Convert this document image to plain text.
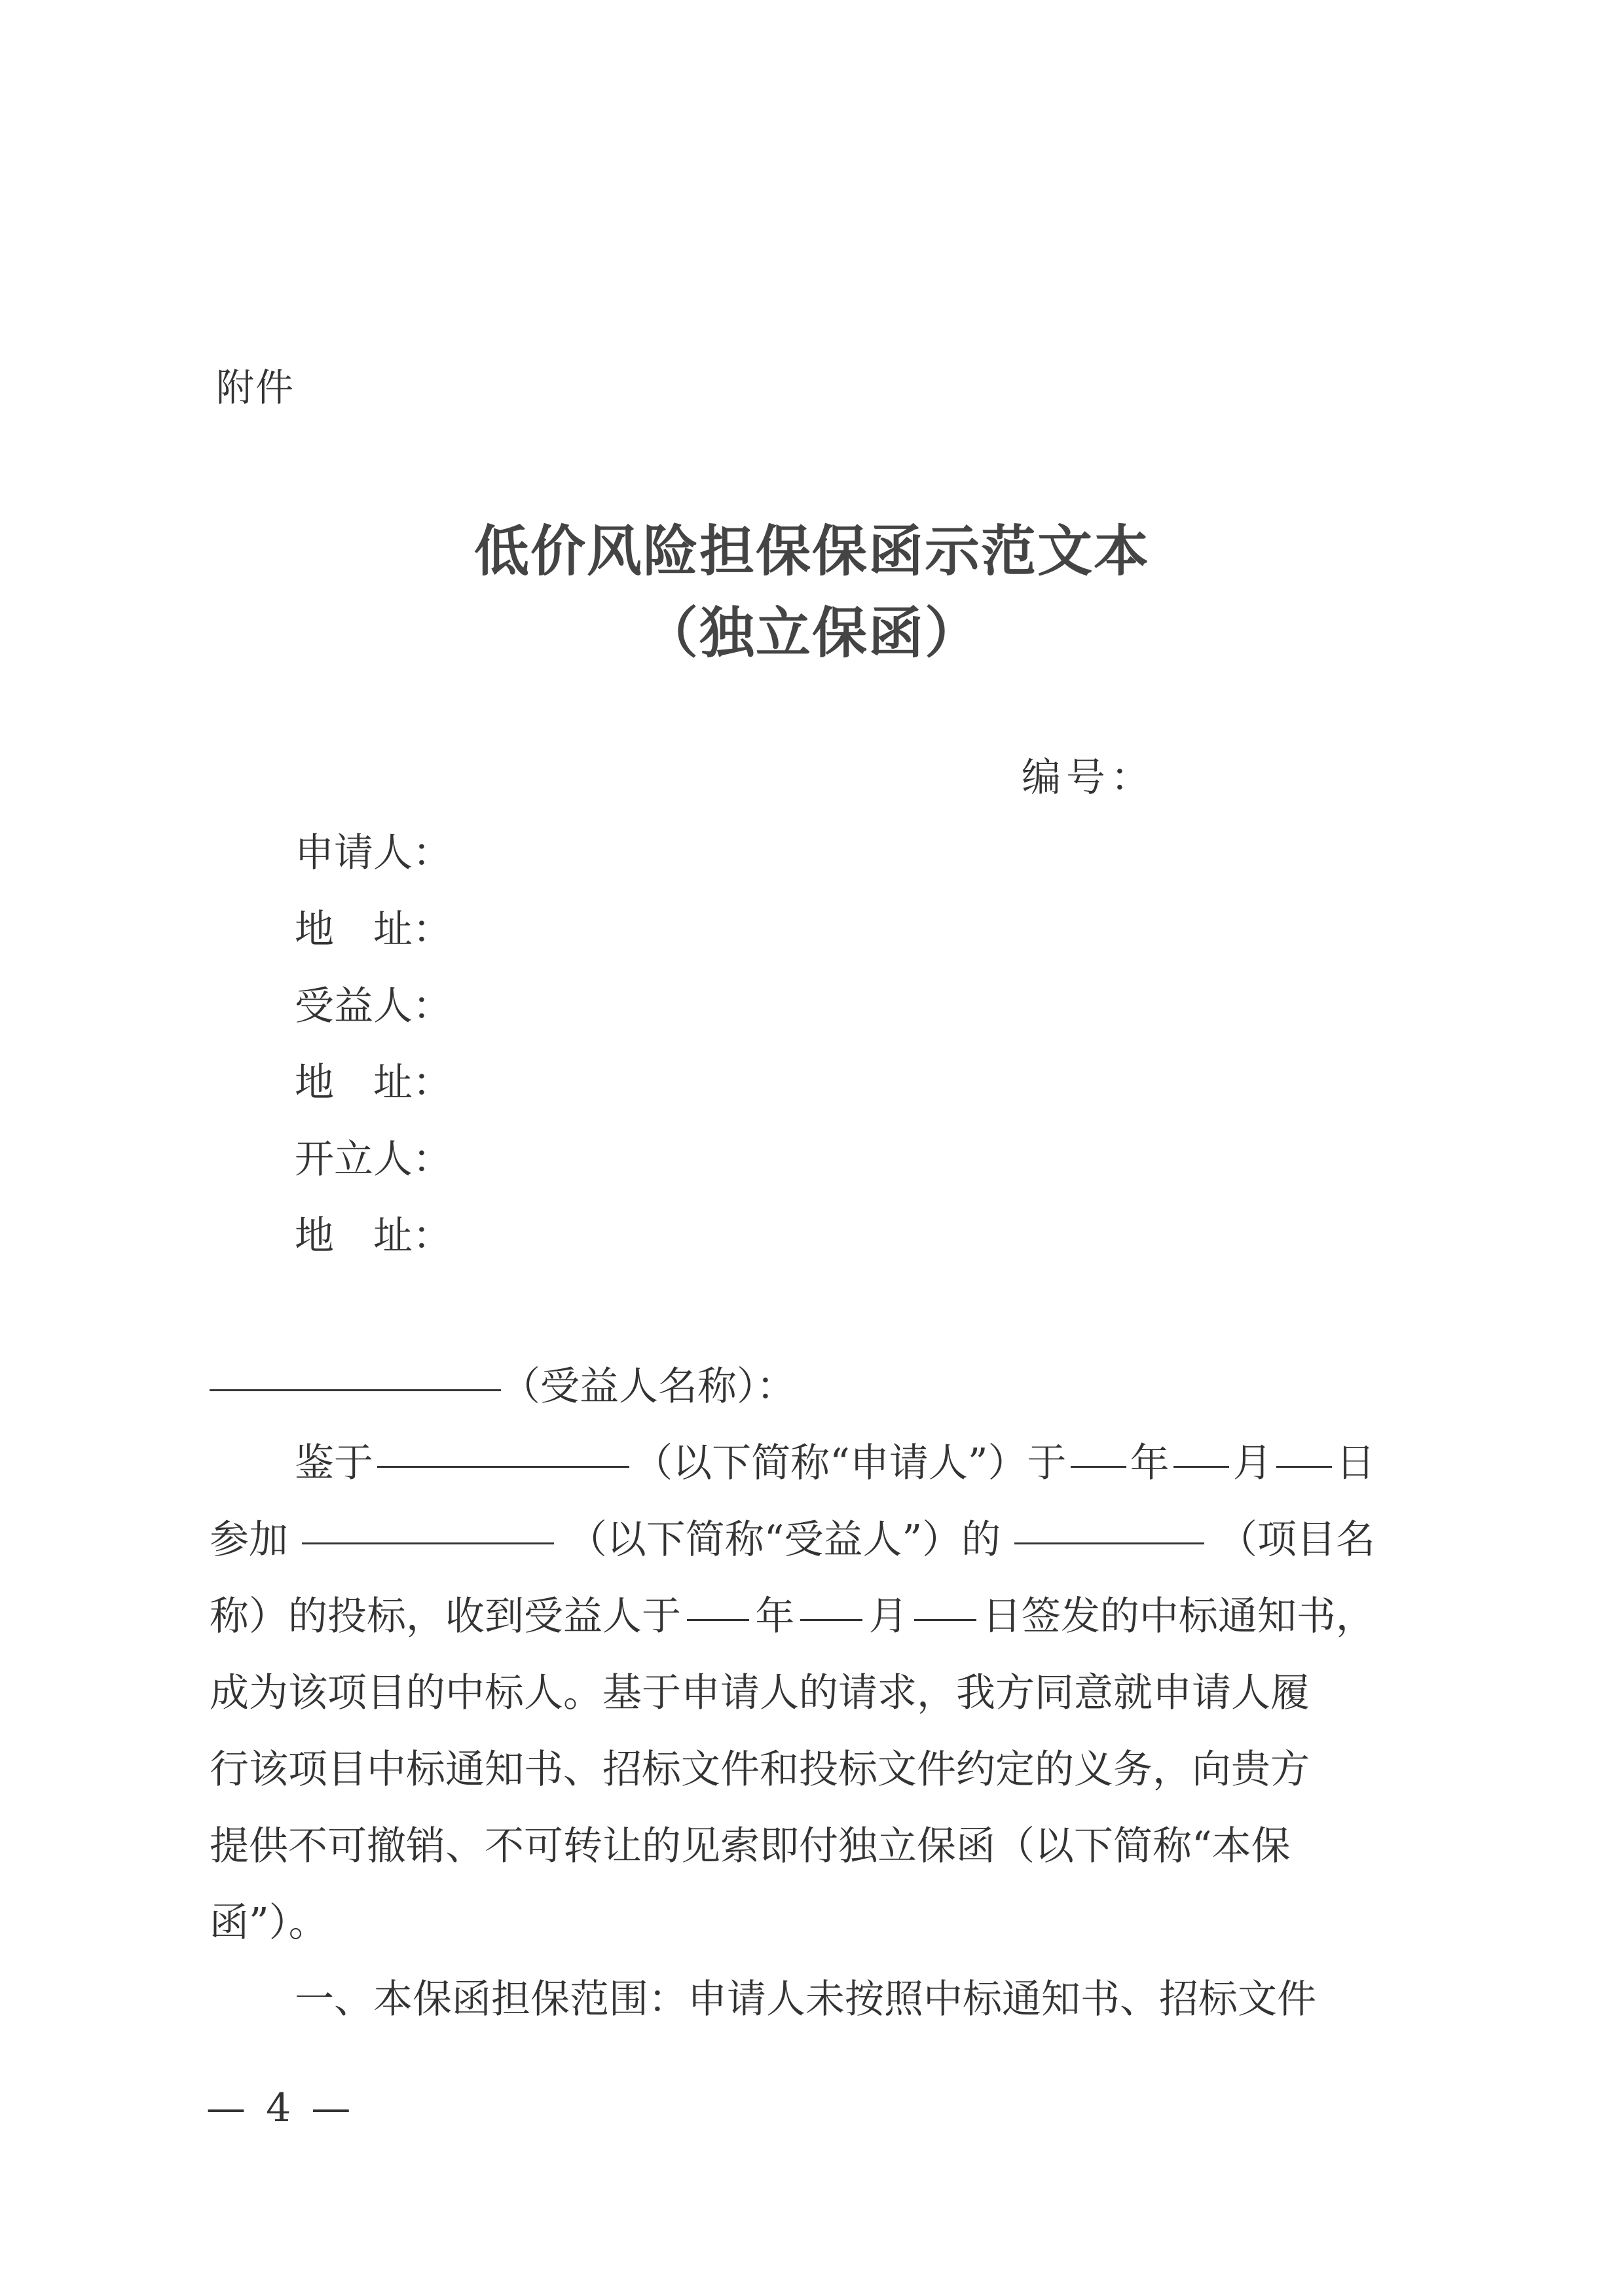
附件
低价风险担保保函示范文本
（独立保函）
编号：
申请人 ：
地　址 ：
受益人 ：
地　址 ：
开立人 ：
地　址 ：
（受益人名称）：
鉴于	（以下简称“申请人”）于 年 月 日
参加	（以下简称“受益人”）的	（项目名
称）的投标，收到受益人于 年 月 日签发的中标通知书，
成为该项目的中标人。基于申请人的请求，我方同意就申请人履
行该项目中标通知书、招标文件和投标文件约定的义务，向贵方
提供不可撤销、不可转让的见索即付独立保函（以下简称“本保
函”）。
一、本保函担保范围：申请人未按照中标通知书、招标文件
— 4 —
